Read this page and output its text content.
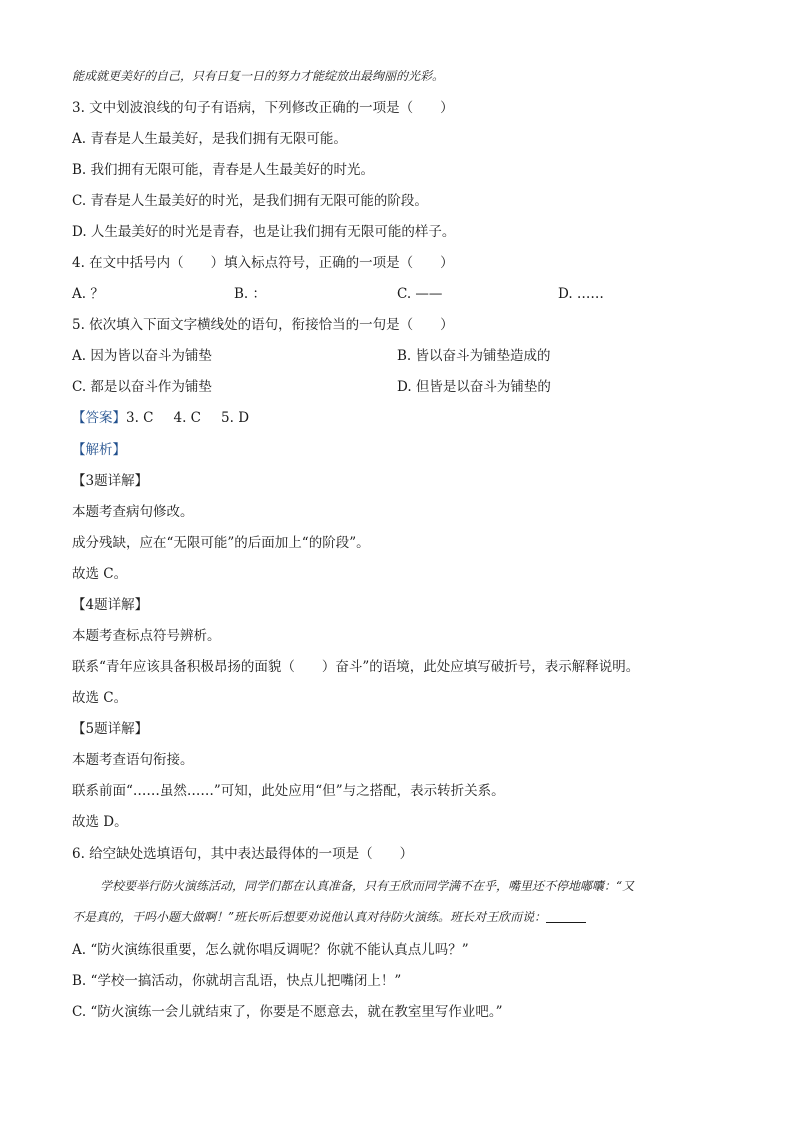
能成就更美好的自己，只有日复一日的努力才能绽放出最绚丽的光彩。
3. 文中划波浪线的句子有语病，下列修改正确的一项是（　　）
A. 青春是人生最美好，是我们拥有无限可能。
B. 我们拥有无限可能，青春是人生最美好的时光。
C. 青春是人生最美好的时光，是我们拥有无限可能的阶段。
D. 人生最美好的时光是青春，也是让我们拥有无限可能的样子。
4. 在文中括号内（　　）填入标点符号，正确的一项是（　　）
A. ？	B. ：	C. ——	D. ……
5. 依次填入下面文字横线处的语句，衔接恰当的一句是（　　）
A. 因为皆以奋斗为铺垫	B. 皆以奋斗为铺垫造成的
C. 都是以奋斗作为铺垫	D. 但皆是以奋斗为铺垫的
【答案】3. C 4. C 5. D
【解析】
【3题详解】
本题考查病句修改。
成分残缺，应在“无限可能”的后面加上“的阶段”。
故选 C。
【4题详解】
本题考查标点符号辨析。
联系“青年应该具备积极昂扬的面貌（　　）奋斗”的语境，此处应填写破折号，表示解释说明。
故选 C。
【5题详解】
本题考查语句衔接。
联系前面“……虽然……”可知，此处应用“但”与之搭配，表示转折关系。
故选 D。
6. 给空缺处选填语句，其中表达最得体的一项是（　　）
学校要举行防火演练活动，同学们都在认真准备，只有王欣而同学满不在乎，嘴里还不停地嘟囔：“又
不是真的，干吗小题大做啊！”班长听后想要劝说他认真对待防火演练。班长对王欣而说：
A. “防火演练很重要，怎么就你唱反调呢？你就不能认真点儿吗？”
B. “学校一搞活动，你就胡言乱语，快点儿把嘴闭上！”
C. “防火演练一会儿就结束了，你要是不愿意去，就在教室里写作业吧。”
